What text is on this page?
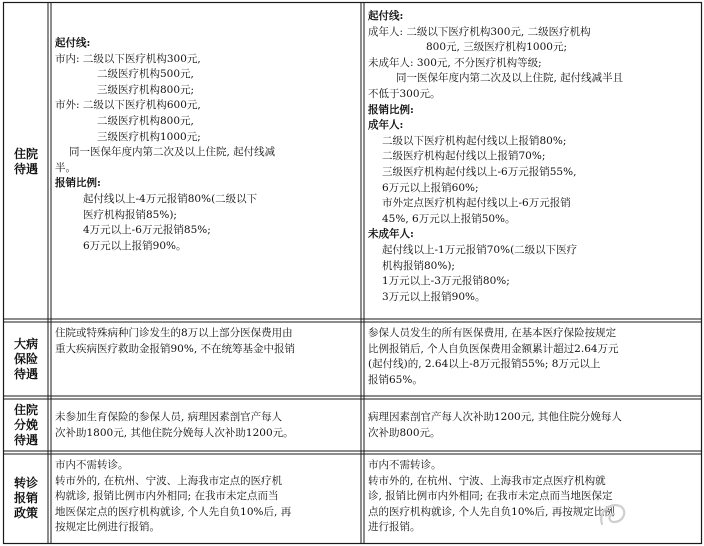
住院
待遇
起付线:
市内: 二级以下医疗机构300元,
二级医疗机构500元,
三级医疗机构800元;
市外: 二级以下医疗机构600元,
二级医疗机构800元,
三级医疗机构1000元;
同一医保年度内第二次及以上住院, 起付线减
半。
报销比例:
起付线以上-4万元报销80%(二级以下
医疗机构报销85%);
4万元以上-6万元报销85%;
6万元以上报销90%。
起付线:
成年人: 二级以下医疗机构300元, 二级医疗机构
800元, 三级医疗机构1000元;
未成年人: 300元, 不分医疗机构等级;
同一医保年度内第二次及以上住院, 起付线减半且
不低于300元。
报销比例:
成年人:
二级以下医疗机构起付线以上报销80%;
二级医疗机构起付线以上报销70%;
三级医疗机构起付线以上-6万元报销55%,
6万元以上报销60%;
市外定点医疗机构起付线以上-6万元报销
45%, 6万元以上报销50%。
未成年人:
起付线以上-1万元报销70%(二级以下医疗
机构报销80%);
1万元以上-3万元报销80%;
3万元以上报销90%。
大病
保险
待遇
住院或特殊病种门诊发生的8万以上部分医保费用由
重大疾病医疗救助金报销90%, 不在统筹基金中报销
参保人员发生的所有医保费用, 在基本医疗保险按规定
比例报销后, 个人自负医保费用金额累计超过2.64万元
(起付线)的, 2.64以上-8万元报销55%; 8万元以上
报销65%。
住院
分娩
待遇
未参加生育保险的参保人员, 病理因素剖官产每人
次补助1800元, 其他住院分娩每人次补助1200元。
病理因素剖官产每人次补助1200元, 其他住院分娩每人
次补助800元。
转诊
报销
政策
市内不需转诊。
转市外的, 在杭州、宁波、上海我市定点的医疗机
构就诊, 报销比例市内外相同; 在我市未定点而当
地医保定点的医疗机构就诊, 个人先自负10%后, 再
按规定比例进行报销。
市内不需转诊。
转市外的, 在杭州、宁波、上海我市定点医疗机构就
诊, 报销比例市内外相同; 在我市未定点而当地医保定
点的医疗机构就诊, 个人先自负10%后, 再按规定比例
进行报销。
